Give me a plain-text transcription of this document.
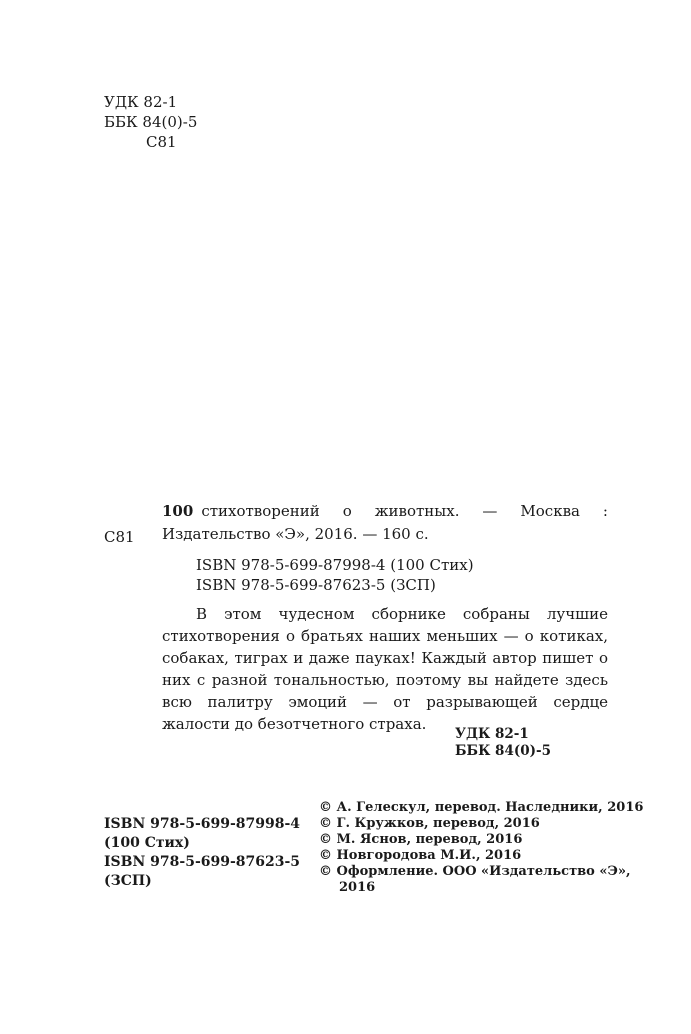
УДК 82-1
ББК 84(0)-5
С81
С81
100 стихотворений о животных. — Москва :
Издательство «Э», 2016. — 160 с.
ISBN 978-5-699-87998-4 (100 Стих)
ISBN 978-5-699-87623-5 (ЗСП)
В этом чудесном сборнике собраны лучшие стихотворения о братьях наших меньших — о котиках, собаках, тиграх и даже пауках! Каждый автор пишет о них с разной тональностью, поэтому вы найдете здесь всю палитру эмоций — от разрывающей сердце жалости до безотчетного страха.
УДК 82-1
ББК 84(0)-5
ISBN 978-5-699-87998-4
(100 Стих)
ISBN 978-5-699-87623-5
(ЗСП)
© А. Гелескул, перевод. Наследники, 2016
© Г. Кружков, перевод, 2016
© М. Яснов, перевод, 2016
© Новгородова М.И., 2016
© Оформление. ООО «Издательство «Э»,
2016
